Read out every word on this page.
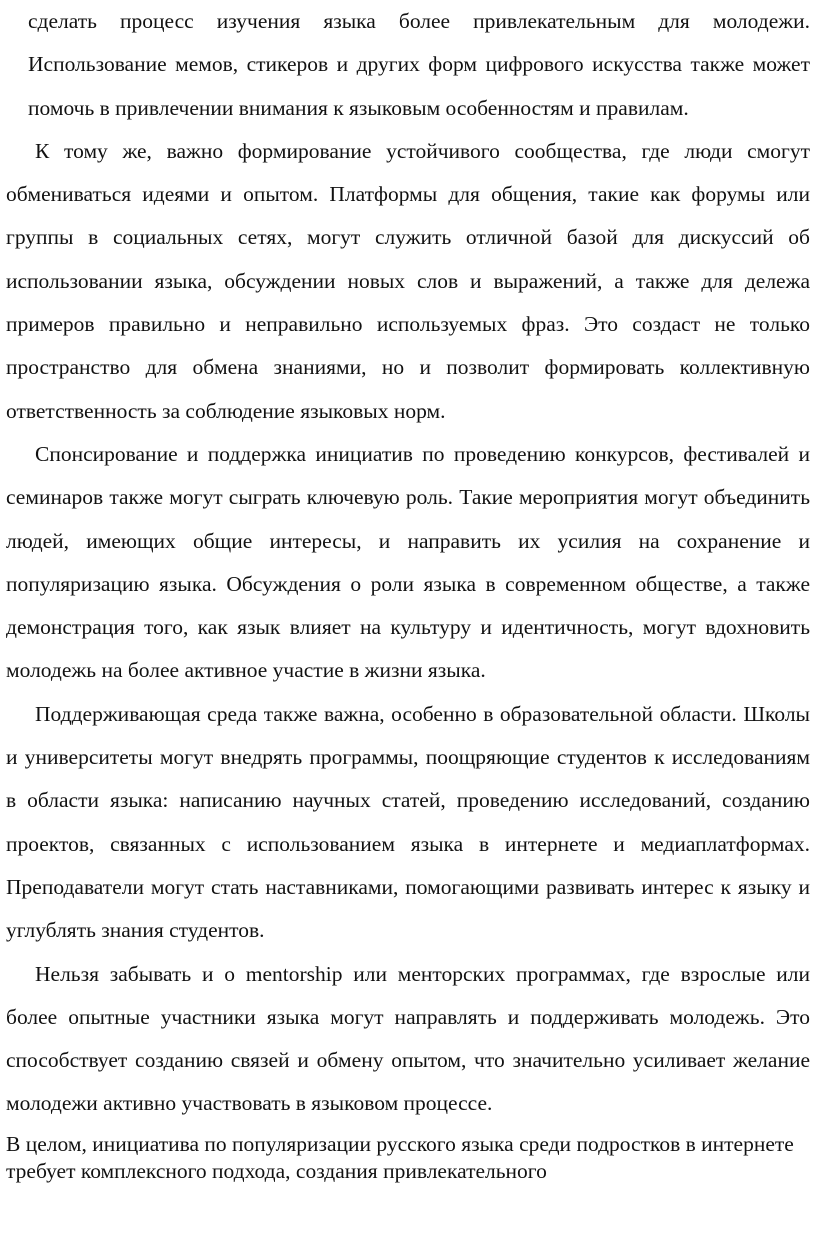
сделать процесс изучения языка более привлекательным для молодежи. Использование мемов, стикеров и других форм цифрового искусства также может помочь в привлечении внимания к языковым особенностям и правилам.

К тому же, важно формирование устойчивого сообщества, где люди смогут обмениваться идеями и опытом. Платформы для общения, такие как форумы или группы в социальных сетях, могут служить отличной базой для дискуссий об использовании языка, обсуждении новых слов и выражений, а также для дележа примеров правильно и неправильно используемых фраз. Это создаст не только пространство для обмена знаниями, но и позволит формировать коллективную ответственность за соблюдение языковых норм.

Спонсирование и поддержка инициатив по проведению конкурсов, фестивалей и семинаров также могут сыграть ключевую роль. Такие мероприятия могут объединить людей, имеющих общие интересы, и направить их усилия на сохранение и популяризацию языка. Обсуждения о роли языка в современном обществе, а также демонстрация того, как язык влияет на культуру и идентичность, могут вдохновить молодежь на более активное участие в жизни языка.

Поддерживающая среда также важна, особенно в образовательной области. Школы и университеты могут внедрять программы, поощряющие студентов к исследованиям в области языка: написанию научных статей, проведению исследований, созданию проектов, связанных с использованием языка в интернете и медиаплатформах. Преподаватели могут стать наставниками, помогающими развивать интерес к языку и углублять знания студентов.

Нельзя забывать и о mentorship или менторских программах, где взрослые или более опытные участники языка могут направлять и поддерживать молодежь. Это способствует созданию связей и обмену опытом, что значительно усиливает желание молодежи активно участвовать в языковом процессе.

В целом, инициатива по популяризации русского языка среди подростков в интернете требует комплексного подхода, создания привлекательного
